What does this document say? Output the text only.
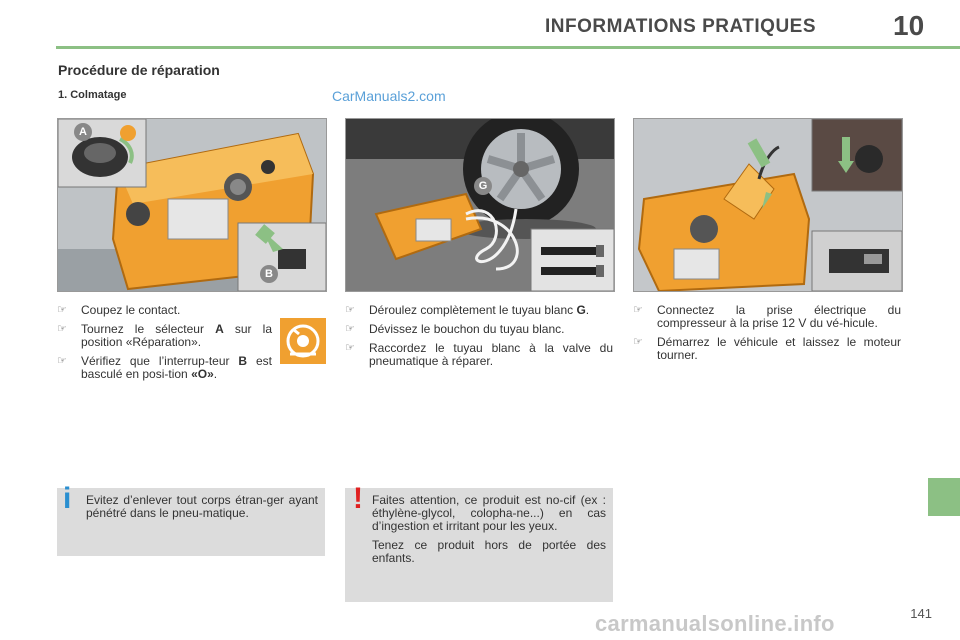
INFORMATIONS PRATIQUES	10
Procédure de réparation
1. Colmatage	CarManuals2.com
A
B
G
☞ Coupez le contact.
☞ Tournez le sélecteur A sur la position «Réparation».
☞ Vérifiez que l’interrup-teur B est basculé en posi-tion «O».
☞ Déroulez complètement le tuyau blanc G.
☞ Dévissez le bouchon du tuyau blanc.
☞ Raccordez le tuyau blanc à la valve du pneumatique à réparer.
☞ Connectez la prise électrique du compresseur à la prise 12 V du vé-hicule.
☞ Démarrez le véhicule et laissez le moteur tourner.
i Evitez d’enlever tout corps étran-ger ayant pénétré dans le pneu-matique.	! Faites attention, ce produit est no-cif (ex : éthylène-glycol, colopha-ne...) en cas d’ingestion et irritant pour les yeux.

Tenez ce produit hors de portée des enfants.

141
carmanualsonline.info
